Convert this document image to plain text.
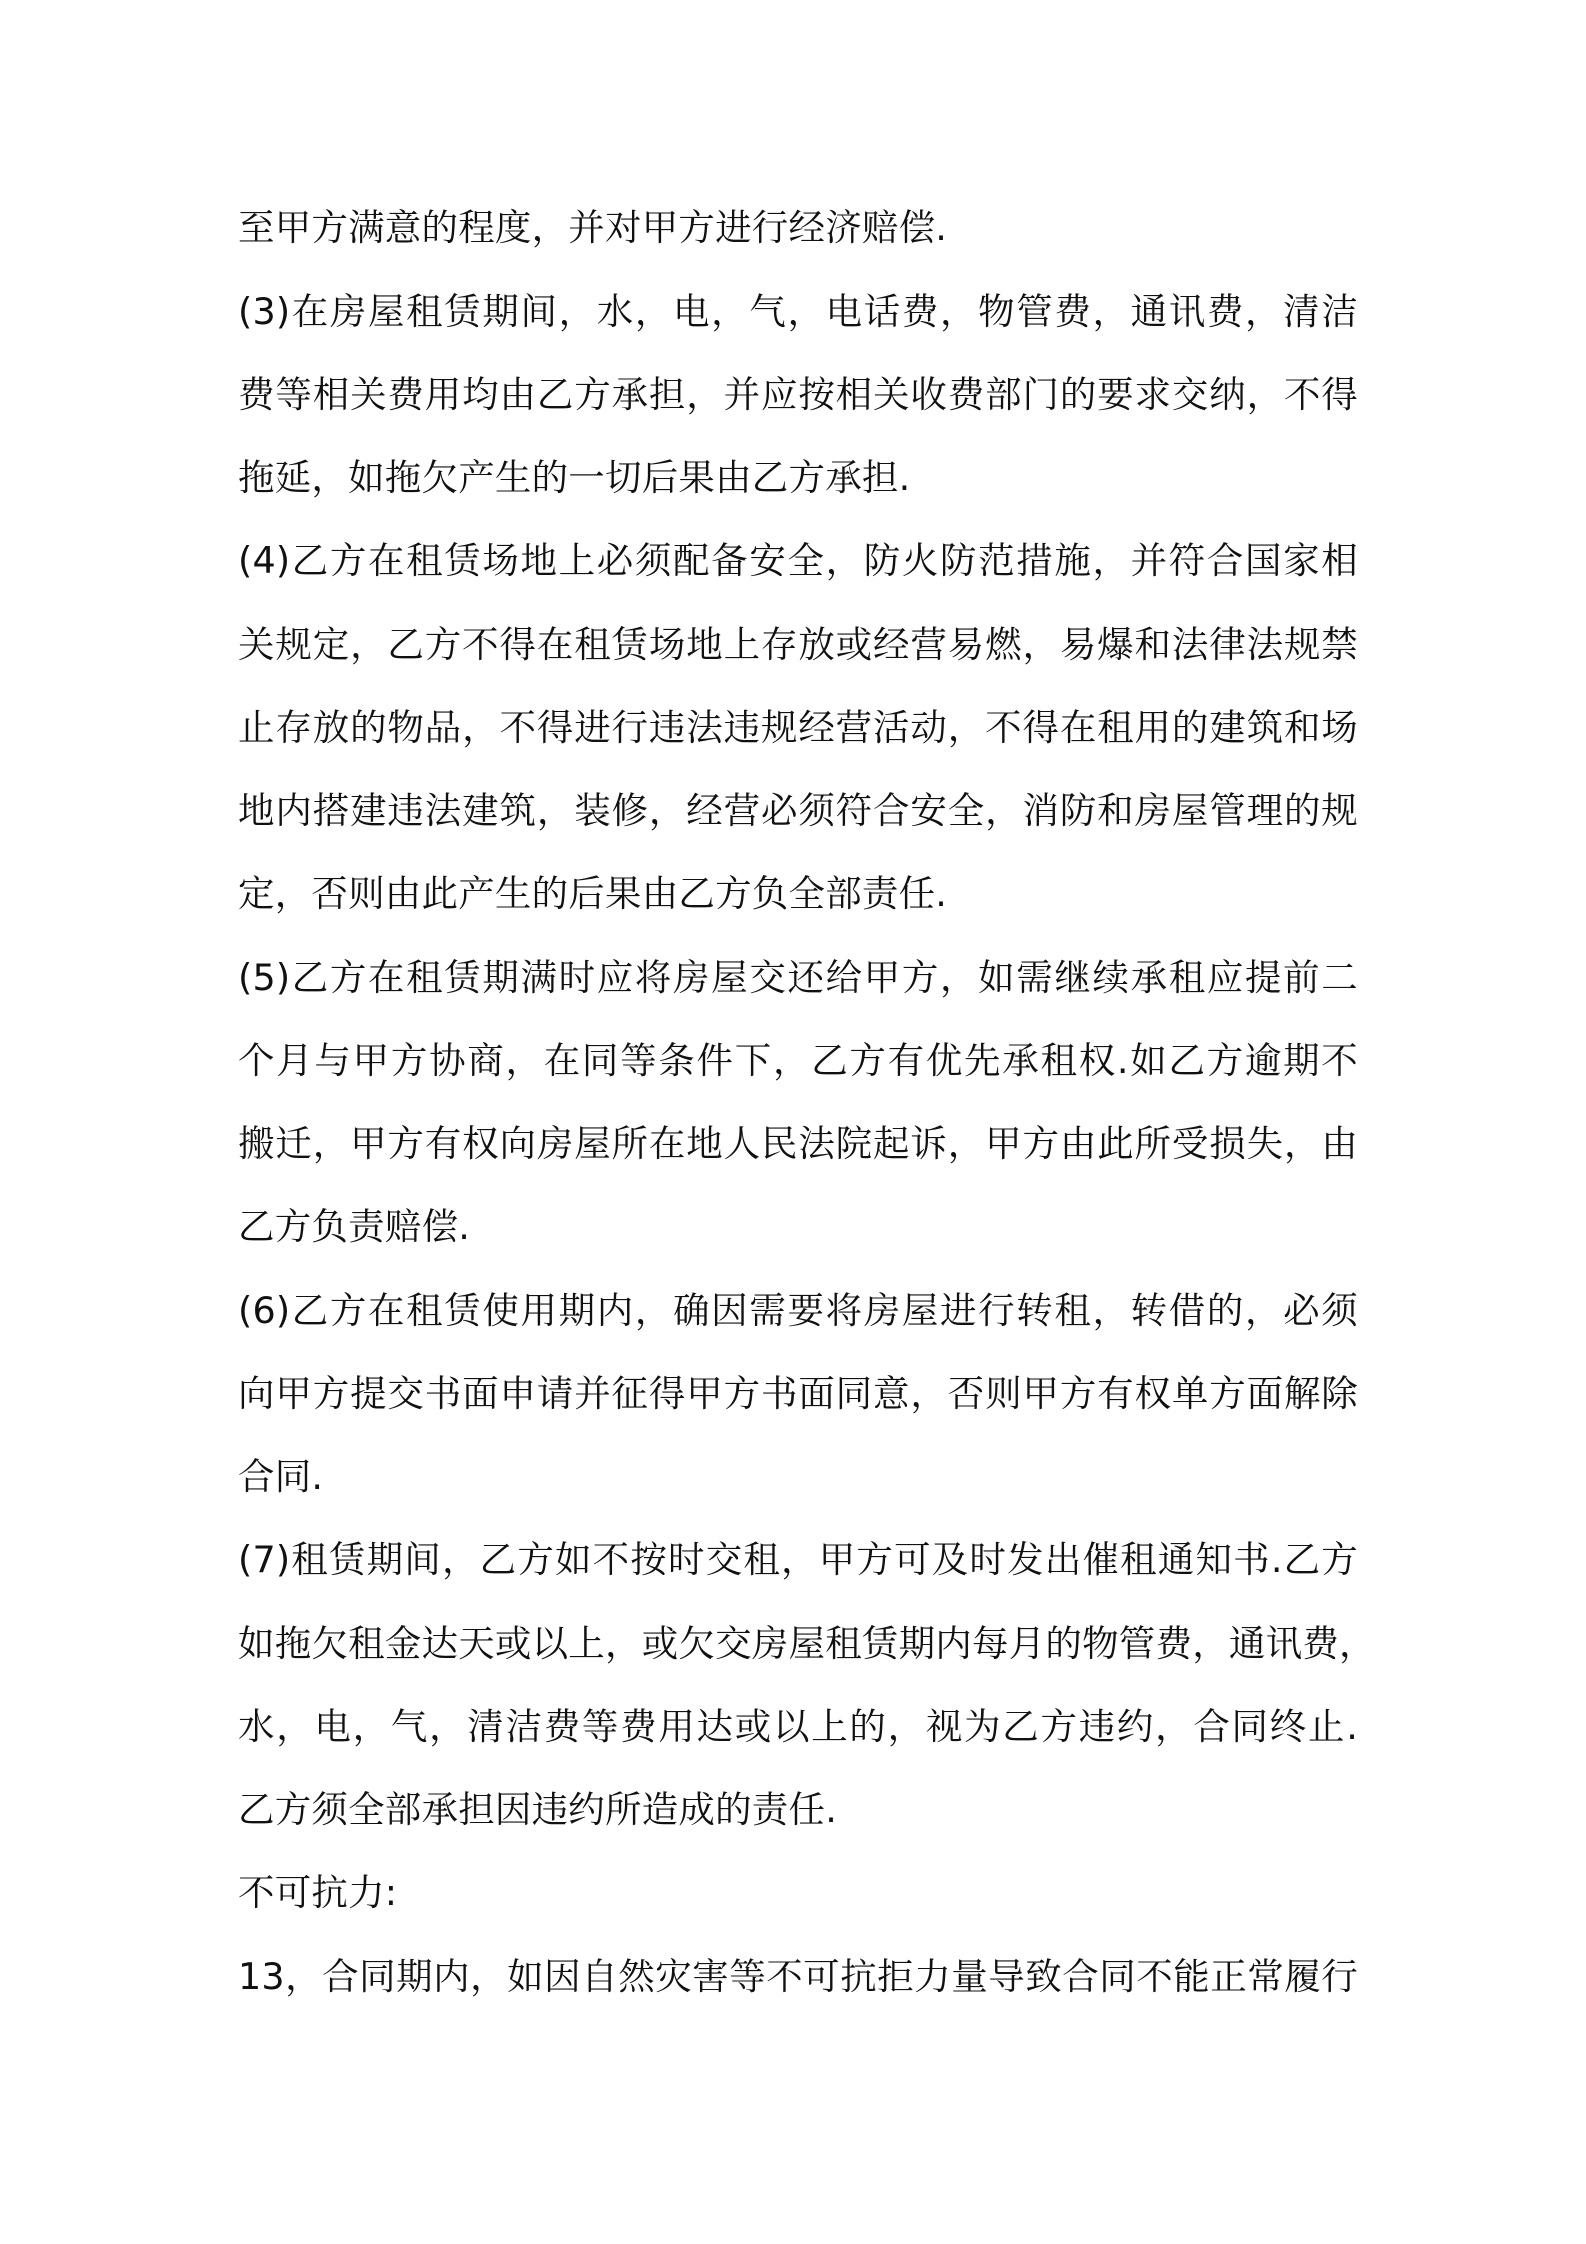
至甲方满意的程度，并对甲方进行经济赔偿.
(3)在房屋租赁期间，水，电，气，电话费，物管费，通讯费，清洁
费等相关费用均由乙方承担，并应按相关收费部门的要求交纳，不得
拖延，如拖欠产生的一切后果由乙方承担.
(4)乙方在租赁场地上必须配备安全，防火防范措施，并符合国家相
关规定，乙方不得在租赁场地上存放或经营易燃，易爆和法律法规禁
止存放的物品，不得进行违法违规经营活动，不得在租用的建筑和场
地内搭建违法建筑，装修，经营必须符合安全，消防和房屋管理的规
定，否则由此产生的后果由乙方负全部责任.
(5)乙方在租赁期满时应将房屋交还给甲方，如需继续承租应提前二
个月与甲方协商，在同等条件下，乙方有优先承租权.如乙方逾期不
搬迁，甲方有权向房屋所在地人民法院起诉，甲方由此所受损失，由
乙方负责赔偿.
(6)乙方在租赁使用期内，确因需要将房屋进行转租，转借的，必须
向甲方提交书面申请并征得甲方书面同意，否则甲方有权单方面解除
合同.
(7)租赁期间，乙方如不按时交租，甲方可及时发出催租通知书.乙方
如拖欠租金达天或以上，或欠交房屋租赁期内每月的物管费，通讯费，
水，电，气，清洁费等费用达或以上的，视为乙方违约，合同终止.
乙方须全部承担因违约所造成的责任.
不可抗力:
13，合同期内，如因自然灾害等不可抗拒力量导致合同不能正常履行
